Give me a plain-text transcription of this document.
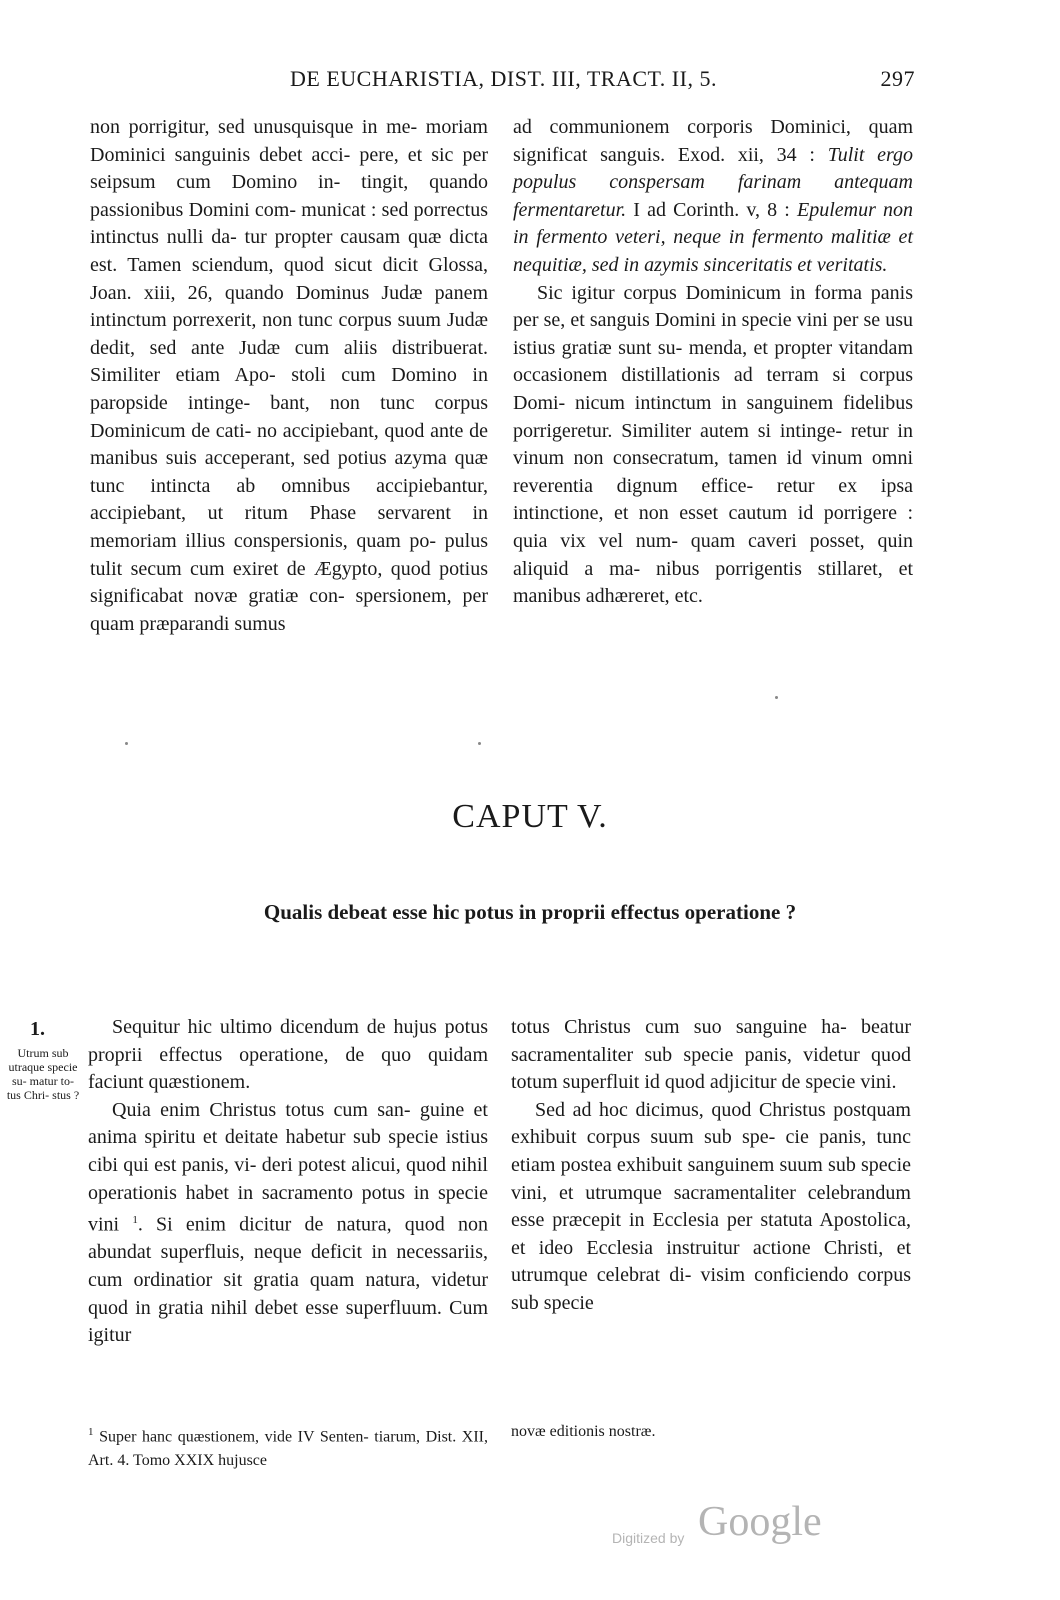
DE EUCHARISTIA, DIST. III, TRACT. II, 5.	297

non porrigitur, sed unusquisque in me- moriam Dominici sanguinis debet acci- pere, et sic per seipsum cum Domino in- tingit, quando passionibus Domini com- municat : sed porrectus intinctus nulli da- tur propter causam quæ dicta est. Tamen sciendum, quod sicut dicit Glossa, Joan. xiii, 26, quando Dominus Judæ panem intinctum porrexerit, non tunc corpus suum Judæ dedit, sed ante Judæ cum aliis distribuerat. Similiter etiam Apo- stoli cum Domino in paropside intinge- bant, non tunc corpus Dominicum de cati- no accipiebant, quod ante de manibus suis acceperant, sed potius azyma quæ tunc intincta ab omnibus accipiebantur, accipiebant, ut ritum Phase servarent in memoriam illius conspersionis, quam po- pulus tulit secum cum exiret de Ægypto, quod potius significabat novæ gratiæ con- spersionem, per quam præparandi sumus

ad communionem corporis Dominici, quam significat sanguis. Exod. xii, 34 : Tulit ergo populus conspersam farinam antequam fermentaretur. I ad Corinth. v, 8 : Epulemur non in fermento veteri, neque in fermento malitiæ et nequitiæ, sed in azymis sinceritatis et veritatis.

Sic igitur corpus Dominicum in forma panis per se, et sanguis Domini in specie vini per se usu istius gratiæ sunt su- menda, et propter vitandam occasionem distillationis ad terram si corpus Domi- nicum intinctum in sanguinem fidelibus porrigeretur. Similiter autem si intinge- retur in vinum non consecratum, tamen id vinum omni reverentia dignum effice- retur ex ipsa intinctione, et non esset cautum id porrigere : quia vix vel num- quam caveri posset, quin aliquid a ma- nibus porrigentis stillaret, et manibus adhæreret, etc.

CAPUT V.
Qualis debeat esse hic potus in proprii effectus operatione ?
1.
Utrum sub utraque specie su- matur to- tus Chri- stus ?

Sequitur hic ultimo dicendum de hujus potus proprii effectus operatione, de quo quidam faciunt quæstionem.

Quia enim Christus totus cum san- guine et anima spiritu et deitate habetur sub specie istius cibi qui est panis, vi- deri potest alicui, quod nihil operationis habet in sacramento potus in specie vini $^1$. Si enim dicitur de natura, quod non abundat superfluis, neque deficit in necessariis, cum ordinatior sit gratia quam natura, videtur quod in gratia nihil debet esse superfluum. Cum igitur

totus Christus cum suo sanguine ha- beatur sacramentaliter sub specie panis, videtur quod totum superfluit id quod adjicitur de specie vini.

Sed ad hoc dicimus, quod Christus postquam exhibuit corpus suum sub spe- cie panis, tunc etiam postea exhibuit sanguinem suum sub specie vini, et utrumque sacramentaliter celebrandum esse præcepit in Ecclesia per statuta Apostolica, et ideo Ecclesia instruitur actione Christi, et utrumque celebrat di- visim conficiendo corpus sub specie

$^1$ Super hanc quæstionem, vide IV Senten- tiarum, Dist. XII, Art. 4. Tomo XXIX hujusce
novæ editionis nostræ.
Digitized by Google
